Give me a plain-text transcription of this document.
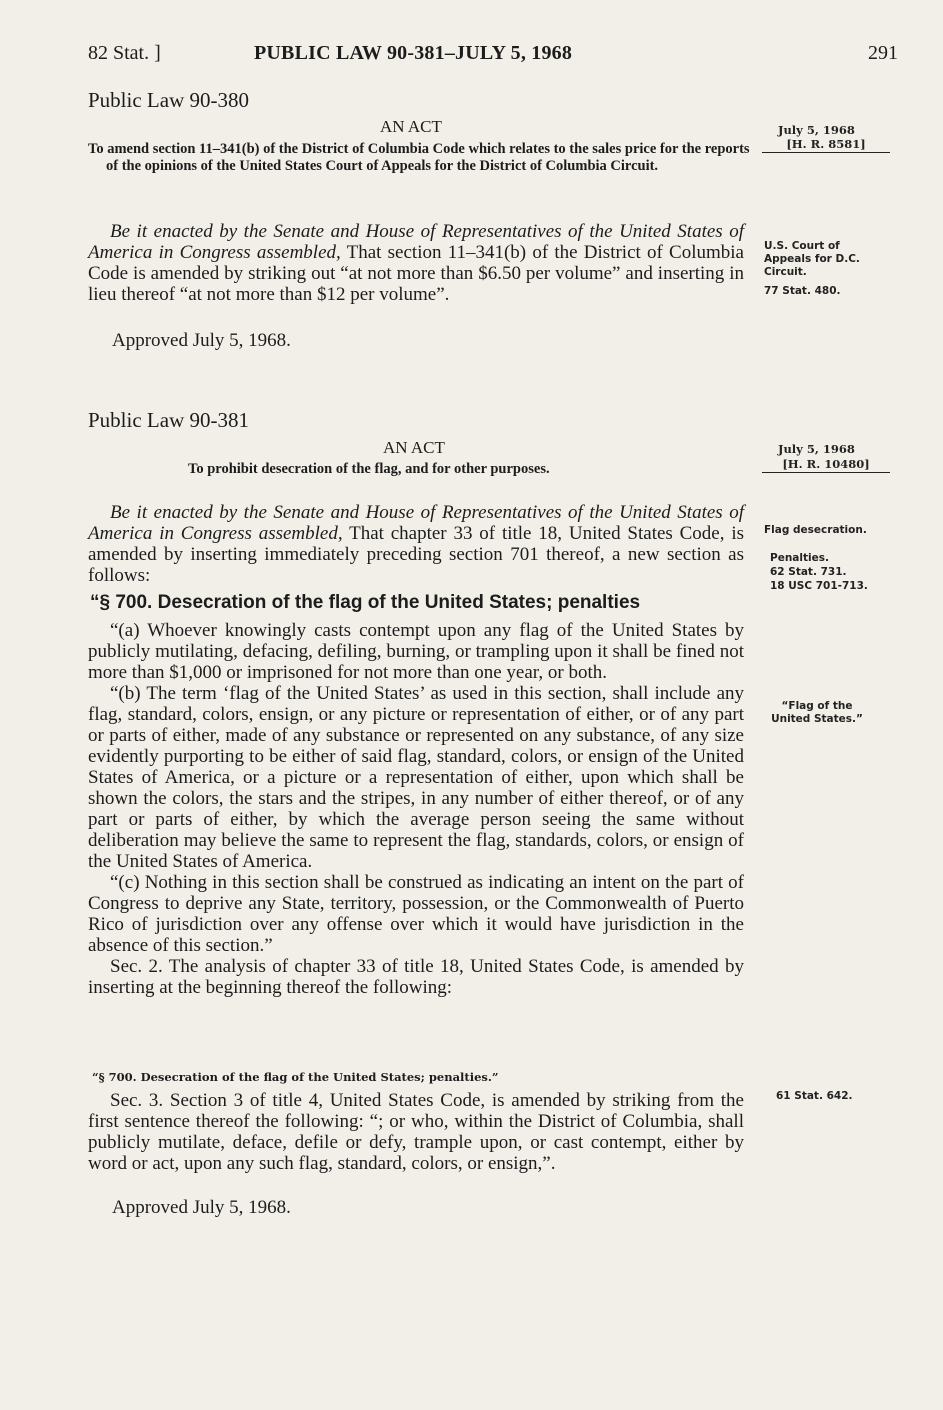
82 Stat. ]	PUBLIC LAW 90-381–JULY 5, 1968	291
Public Law 90-380
AN ACT
To amend section 11–341(b) of the District of Columbia Code which relates to the sales price for the reports of the opinions of the United States Court of Appeals for the District of Columbia Circuit.
July 5, 1968
[H. R. 8581]

Be it enacted by the Senate and House of Representatives of the United States of America in Congress assembled, That section 11–341(b) of the District of Columbia Code is amended by striking out “at not more than $6.50 per volume” and inserting in lieu thereof “at not more than $12 per volume”.

Approved July 5, 1968.
U.S. Court of Appeals for D.C. Circuit.
77 Stat. 480.
Public Law 90-381
AN ACT
To prohibit desecration of the flag, and for other purposes.
July 5, 1968
[H. R. 10480]

Be it enacted by the Senate and House of Representatives of the United States of America in Congress assembled, That chapter 33 of title 18, United States Code, is amended by inserting immediately preceding section 701 thereof, a new section as follows:

“§ 700. Desecration of the flag of the United States; penalties

“(a) Whoever knowingly casts contempt upon any flag of the United States by publicly mutilating, defacing, defiling, burning, or trampling upon it shall be fined not more than $1,000 or imprisoned for not more than one year, or both.

“(b) The term ‘flag of the United States’ as used in this section, shall include any flag, standard, colors, ensign, or any picture or representation of either, or of any part or parts of either, made of any substance or represented on any substance, of any size evidently purporting to be either of said flag, standard, colors, or ensign of the United States of America, or a picture or a representation of either, upon which shall be shown the colors, the stars and the stripes, in any number of either thereof, or of any part or parts of either, by which the average person seeing the same without deliberation may believe the same to represent the flag, standards, colors, or ensign of the United States of America.

“(c) Nothing in this section shall be construed as indicating an intent on the part of Congress to deprive any State, territory, possession, or the Commonwealth of Puerto Rico of jurisdiction over any offense over which it would have jurisdiction in the absence of this section.”

Sec. 2. The analysis of chapter 33 of title 18, United States Code, is amended by inserting at the beginning thereof the following:

“§ 700. Desecration of the flag of the United States; penalties.”

Sec. 3. Section 3 of title 4, United States Code, is amended by striking from the first sentence thereof the following: “; or who, within the District of Columbia, shall publicly mutilate, deface, defile or defy, trample upon, or cast contempt, either by word or act, upon any such flag, standard, colors, or ensign,”.

Approved July 5, 1968.
Flag desecration.
Penalties.
62 Stat. 731.
18 USC 701-713.
“Flag of the United States.”
61 Stat. 642.
